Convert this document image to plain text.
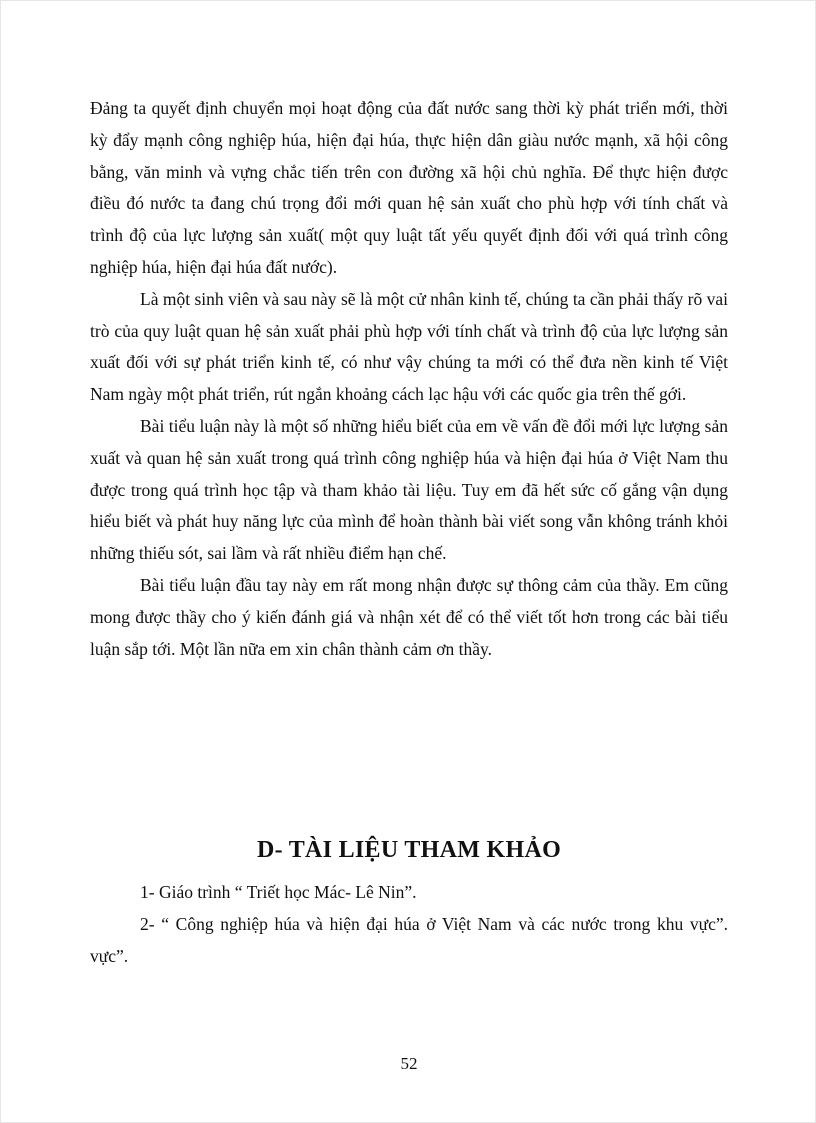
Đảng ta quyết định chuyển mọi hoạt động của đất nước sang thời kỳ phát triển mới, thời kỳ đẩy mạnh công nghiệp húa, hiện đại húa, thực hiện dân giàu nước mạnh, xã hội công bằng, văn minh và vựng chắc tiến trên con đường xã hội chủ nghĩa. Để thực hiện được điều đó nước ta đang chú trọng đổi mới quan hệ sản xuất cho phù hợp với tính chất và trình độ của lực lượng sản xuất( một quy luật tất yếu quyết định đối với quá trình công nghiệp húa, hiện đại húa đất nước).

Là một sinh viên và sau này sẽ là một cử nhân kinh tế, chúng ta cần phải thấy rõ vai trò của quy luật quan hệ sản xuất phải phù hợp với tính chất và trình độ của lực lượng sản xuất đối với sự phát triển kinh tế, có như vậy chúng ta mới có thể đưa nền kinh tế Việt Nam ngày một phát triển, rút ngắn khoảng cách lạc hậu với các quốc gia trên thế gới.

Bài tiểu luận này là một số những hiểu biết của em về vấn đề đổi mới lực lượng sản xuất và quan hệ sản xuất trong quá trình công nghiệp húa và hiện đại húa ở Việt Nam thu được trong quá trình học tập và tham khảo tài liệu. Tuy em đã hết sức cố gắng vận dụng hiểu biết và phát huy năng lực của mình để hoàn thành bài viết song vẫn không tránh khỏi những thiếu sót, sai lầm và rất nhiều điểm hạn chế.

Bài tiểu luận đầu tay này em rất mong nhận được sự thông cảm của thầy. Em cũng mong được thầy cho ý kiến đánh giá và nhận xét để có thể viết tốt hơn trong các bài tiểu luận sắp tới. Một lần nữa em xin chân thành cảm ơn thầy.

D- TÀI LIỆU THAM KHẢO

1- Giáo trình “ Triết học Mác- Lê Nin”.

2- “ Công nghiệp húa và hiện đại húa ở Việt Nam và các nước trong khu vực”. vực”.

52
